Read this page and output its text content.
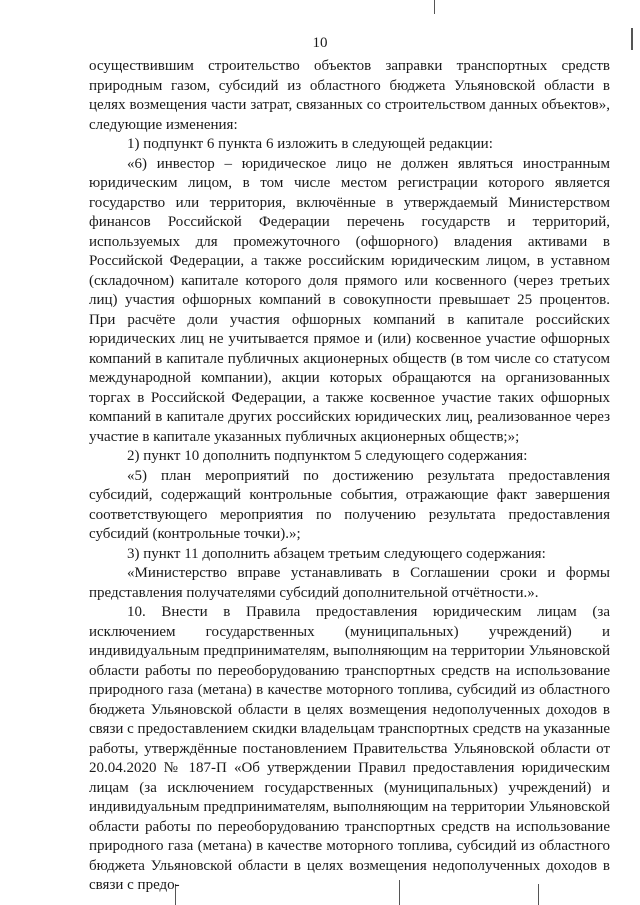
10

осуществившим строительство объектов заправки транспортных средств природным газом, субсидий из областного бюджета Ульяновской области в целях возмещения части затрат, связанных со строительством данных объектов», следующие изменения:

1) подпункт 6 пункта 6 изложить в следующей редакции:

«6) инвестор – юридическое лицо не должен являться иностранным юридическим лицом, в том числе местом регистрации которого является государство или территория, включённые в утверждаемый Министерством финансов Российской Федерации перечень государств и территорий, используемых для промежуточного (офшорного) владения активами в Российской Федерации, а также российским юридическим лицом, в уставном (складочном) капитале которого доля прямого или косвенного (через третьих лиц) участия офшорных компаний в совокупности превышает 25 процентов. При расчёте доли участия офшорных компаний в капитале российских юридических лиц не учитывается прямое и (или) косвенное участие офшорных компаний в капитале публичных акционерных обществ (в том числе со статусом международной компании), акции которых обращаются на организованных торгах в Российской Федерации, а также косвенное участие таких офшорных компаний в капитале других российских юридических лиц, реализованное через участие в капитале указанных публичных акционерных обществ;»;

2) пункт 10 дополнить подпунктом 5 следующего содержания:

«5) план мероприятий по достижению результата предоставления субсидий, содержащий контрольные события, отражающие факт завершения соответствующего мероприятия по получению результата предоставления субсидий (контрольные точки).»;

3) пункт 11 дополнить абзацем третьим следующего содержания:

«Министерство вправе устанавливать в Соглашении сроки и формы представления получателями субсидий дополнительной отчётности.».

10. Внести в Правила предоставления юридическим лицам (за исключением государственных (муниципальных) учреждений) и индивидуальным предпринимателям, выполняющим на территории Ульяновской области работы по переоборудованию транспортных средств на использование природного газа (метана) в качестве моторного топлива, субсидий из областного бюджета Ульяновской области в целях возмещения недополученных доходов в связи с предоставлением скидки владельцам транспортных средств на указанные работы, утверждённые постановлением Правительства Ульяновской области от 20.04.2020 № 187-П «Об утверждении Правил предоставления юридическим лицам (за исключением государственных (муниципальных) учреждений) и индивидуальным предпринимателям, выполняющим на территории Ульяновской области работы по переоборудованию транспортных средств на использование природного газа (метана) в качестве моторного топлива, субсидий из областного бюджета Ульяновской области в целях возмещения недополученных доходов в связи с предо-
